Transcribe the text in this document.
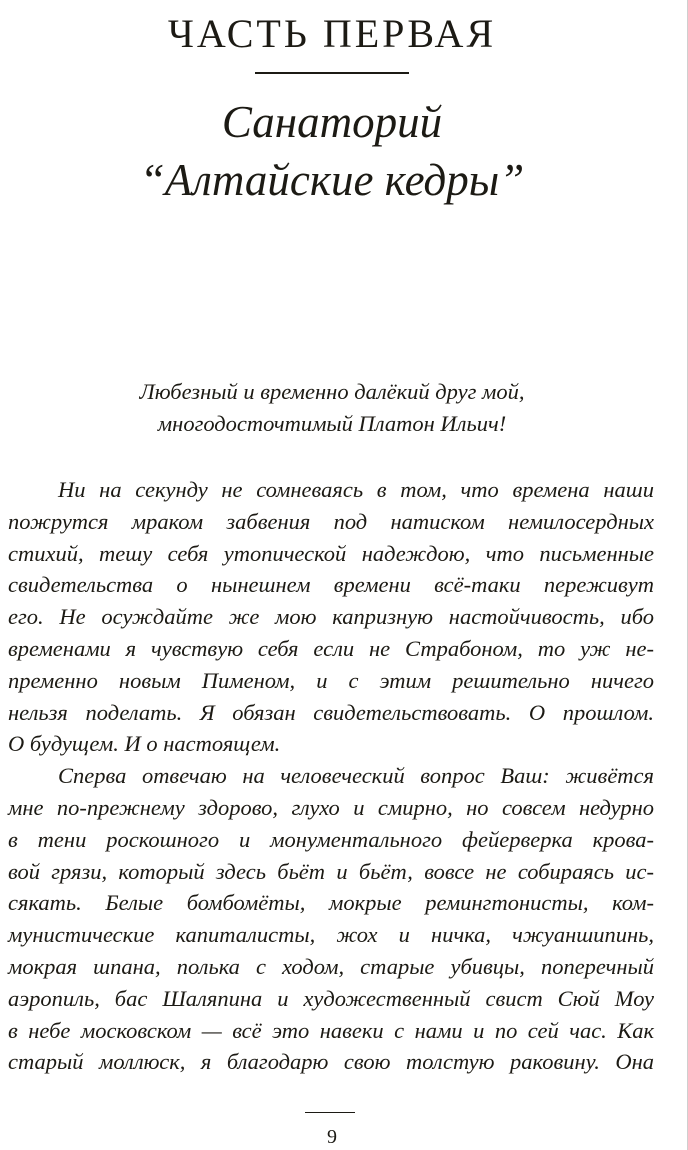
ЧАСТЬ ПЕРВАЯ
Санаторий
“Алтайские кедры”
Любезный и временно далёкий друг мой,
многодосточтимый Платон Ильич!
Ни на секунду не сомневаясь в том, что времена наши
пожрутся мраком забвения под натиском немилосердных
стихий, тешу себя утопической надеждою, что письменные
свидетельства о нынешнем времени всё-таки переживут
его. Не осуждайте же мою капризную настойчивость, ибо
временами я чувствую себя если не Страбоном, то уж не-
пременно новым Пименом, и с этим решительно ничего
нельзя поделать. Я обязан свидетельствовать. О прошлом.
О будущем. И о настоящем.
Сперва отвечаю на человеческий вопрос Ваш: живётся
мне по-прежнему здорово, глухо и смирно, но совсем недурно
в тени роскошного и монументального фейерверка крова-
вой грязи, который здесь бьёт и бьёт, вовсе не собираясь ис-
сякать. Белые бомбомёты, мокрые ремингтонисты, ком-
мунистические капиталисты, жох и ничка, чжуаншипинь,
мокрая шпана, полька с ходом, старые убивцы, поперечный
аэропиль, бас Шаляпина и художественный свист Сюй Моу
в небе московском — всё это навеки с нами и по сей час. Как
старый моллюск, я благодарю свою толстую раковину. Она
9
